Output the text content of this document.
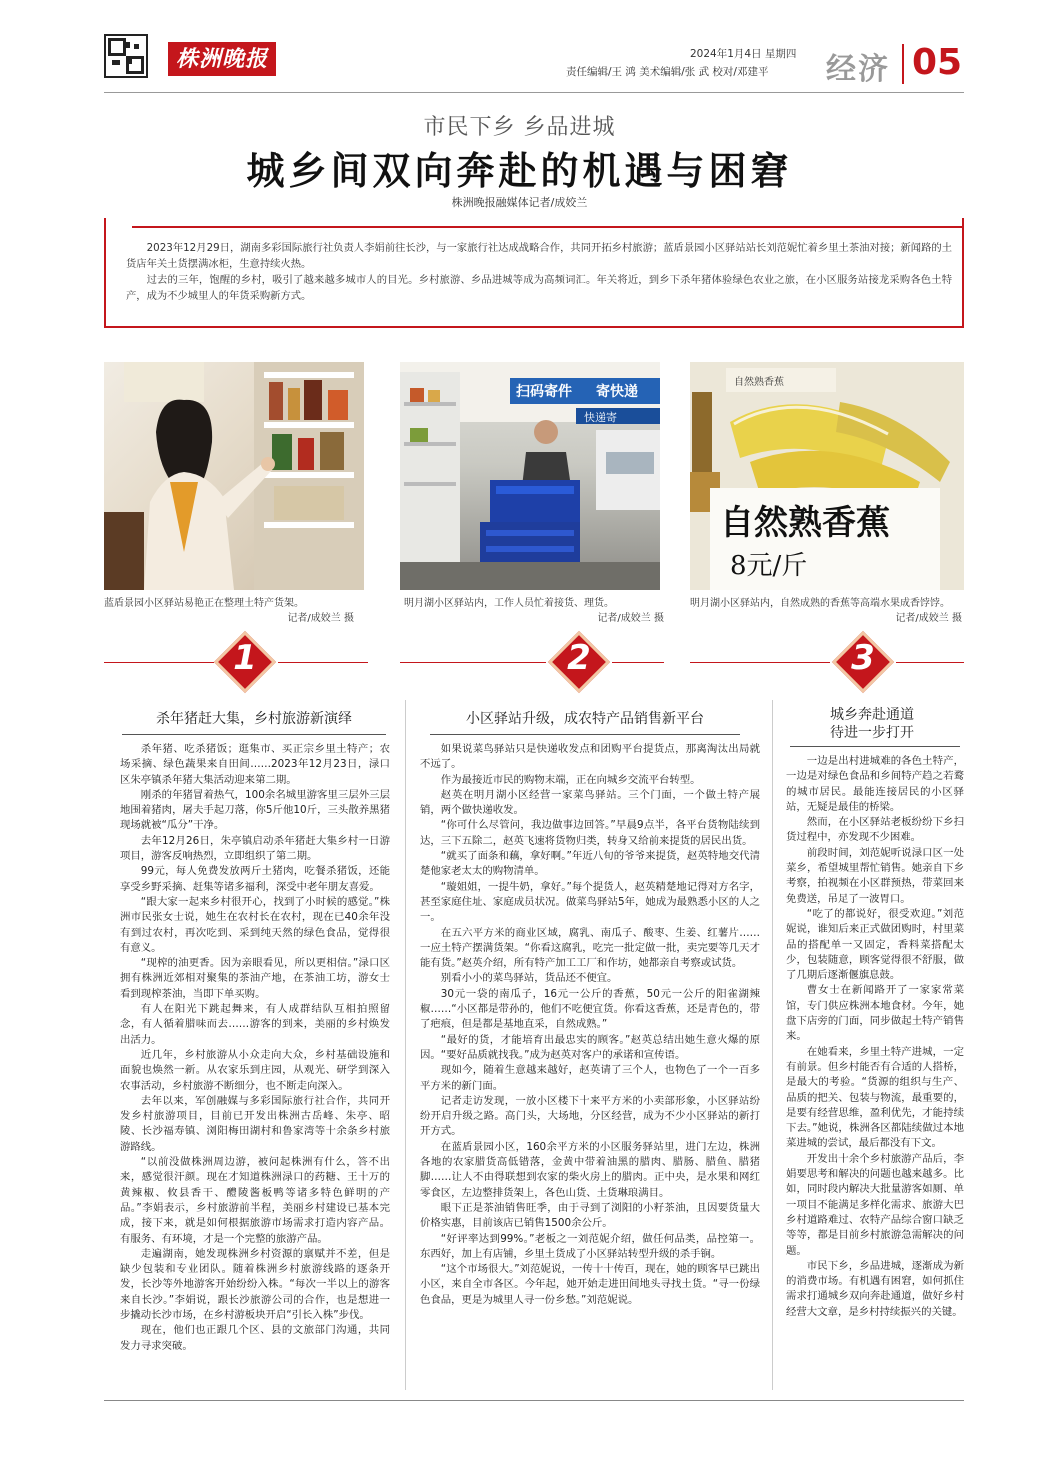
株洲晚报	2024年1月4日 星期四
责任编辑/王 鸿 美术编辑/张 武 校对/邓建平 经济 05
市民下乡 乡品进城
城乡间双向奔赴的机遇与困窘
株洲晚报融媒体记者/成姣兰

2023年12月29日，湖南多彩国际旅行社负责人李娟前往长沙，与一家旅行社达成战略合作，共同开拓乡村旅游；蓝盾景园小区驿站站长刘范妮忙着乡里土茶油对接；新闻路的土货店年关土货摆满冰柜，生意持续火热。

过去的三年，饱醒的乡村，吸引了越来越多城市人的目光。乡村旅游、乡品进城等成为高频词汇。年关将近，到乡下杀年猪体验绿色农业之旅，在小区服务站接龙采购各色土特产，成为不少城里人的年货采购新方式。

扫码寄件 寄快递
快递寄
自然熟香蕉
自然熟香蕉
8元/斤
蓝盾景园小区驿站易艳正在整理土特产货架。
记者/成姣兰 摄
明月湖小区驿站内，工作人员忙着接货、理货。
记者/成姣兰 摄
明月湖小区驿站内，自然成熟的香蕉等高端水果成香饽饽。
记者/成姣兰 摄
1	2	3
杀年猪赶大集，乡村旅游新演绎

杀年猪、吃杀猪饭；逛集市、买正宗乡里土特产；农场采摘、绿色蔬果来自田间……2023年12月23日，渌口区朱亭镇杀年猪大集活动迎来第二期。

刚杀的年猪冒着热气，100余名城里游客里三层外三层地围着猪肉，屠夫手起刀落，你5斤他10斤，三头散养黑猪现场就被“瓜分”干净。

去年12月26日，朱亭镇启动杀年猪赶大集乡村一日游项目，游客反响热烈，立即组织了第二期。

99元，每人免费发放两斤土猪肉，吃餐杀猪饭，还能享受乡野采摘、赶集等诸多福利，深受中老年朋友喜爱。

“跟大家一起来乡村很开心，找到了小时候的感觉。”株洲市民张女士说，她生在农村长在农村，现在已40余年没有到过农村，再次吃到、采到纯天然的绿色食品，觉得很有意义。

“现榨的油更香。因为亲眼看见，所以更相信。”渌口区拥有株洲近郊相对聚集的茶油产地，在茶油工坊，游女士看到现榨茶油，当即下单买购。

有人在阳光下跳起舞来，有人成群结队互相拍照留念，有人循着腊味而去……游客的到来，美丽的乡村焕发出活力。

近几年，乡村旅游从小众走向大众，乡村基础设施和面貌也焕然一新。从农家乐到庄园，从观光、研学到深入农事活动，乡村旅游不断细分，也不断走向深入。

去年以来，军创融媒与多彩国际旅行社合作，共同开发乡村旅游项目，目前已开发出株洲古岳峰、朱亭、昭陵、长沙福寿镇、浏阳梅田湖村和鲁家湾等十余条乡村旅游路线。

“以前没做株洲周边游，被问起株洲有什么，答不出来，感觉很汗颜。现在才知道株洲渌口的药糖、王十万的黄辣椒、攸县香干、醴陵酱板鸭等诸多特色鲜明的产品。”李娟表示，乡村旅游前半程，美丽乡村建设已基本完成，接下来，就是如何根据旅游市场需求打造内容产品。有服务、有环境，才是一个完整的旅游产品。

走遍湖南，她发现株洲乡村资源的禀赋并不差，但是缺少包装和专业团队。随着株洲乡村旅游线路的逐条开发，长沙等外地游客开始纷纷入株。“每次一半以上的游客来自长沙。”李娟说，跟长沙旅游公司的合作，也是想进一步撬动长沙市场，在乡村游板块开启“引长入株”步伐。

现在，他们也正跟几个区、县的文旅部门沟通，共同发力寻求突破。

小区驿站升级，成农特产品销售新平台

如果说菜鸟驿站只是快递收发点和团购平台提货点，那离淘汰出局就不远了。

作为最接近市民的购物末端，正在向城乡交流平台转型。

赵英在明月湖小区经营一家菜鸟驿站。三个门面，一个做土特产展销，两个做快递收发。

“你可什么尽管问，我边做事边回答。”早晨9点半，各平台货物陆续到达，三下五除二，赵英飞速将货物归类，转身又给前来提货的居民出货。

“就买了面条和藕，拿好啊。”年近八旬的爷爷来提货，赵英特地交代清楚他家老太太的购物清单。

“璇姐姐，一提牛奶，拿好。”每个提货人，赵英精楚地记得对方名字，甚至家庭住址、家庭成员状况。做菜鸟驿站5年，她成为最熟悉小区的人之一。

在五六平方米的商业区域，腐乳、南瓜子、酸枣、生姜、红薯片……一应土特产摆满货架。“你看这腐乳，吃完一批定做一批，卖完要等几天才能有货。”赵英介绍，所有特产加工工厂和作坊，她都亲自考察或试货。

别看小小的菜鸟驿站，货品还不便宜。

30元一袋的南瓜子，16元一公斤的香蕉，50元一公斤的阳雀湖辣椒……“小区都是带孙的，他们不吃便宜货。你看这香蕉，还是青色的，带了疤痕，但是都是基地直采，自然成熟。”

“最好的货，才能培育出最忠实的顾客。”赵英总结出她生意火爆的原因。“要好品质就找我。”成为赵英对客户的承诺和宣传语。

现如今，随着生意越来越好，赵英请了三个人，也物色了一个一百多平方米的新门面。

记者走访发现，一放小区楼下十来平方米的小卖部形象，小区驿站纷纷开启升级之路。高门头，大场地，分区经营，成为不少小区驿站的新打开方式。

在蓝盾景园小区，160余平方米的小区服务驿站里，进门左边，株洲各地的农家腊货高低错落，金黄中带着油黑的腊肉、腊肠、腊鱼、腊猪脚……让人不由得联想到农家的柴火房上的腊肉。正中央，是水果和网红零食区，左边整排货架上，各色山货、土货琳琅满目。

眼下正是茶油销售旺季，由于寻到了浏阳的小籽茶油，且因要货量大价格实惠，目前该店已销售1500余公斤。

“好评率达到99%。”老板之一刘范妮介绍，做任何品类，品控第一。东西好，加上有店铺，乡里土货成了小区驿站转型升级的杀手锏。

“这个市场很大。”刘范妮说，一传十十传百，现在，她的顾客早已跳出小区，来自全市各区。今年起，她开始走进田间地头寻找土货。“寻一份绿色食品，更是为城里人寻一份乡愁。”刘范妮说。

城乡奔赴通道
待进一步打开

一边是出村进城难的各色土特产，一边是对绿色食品和乡间特产趋之若鹜的城市居民。最能连接居民的小区驿站，无疑是最佳的桥梁。

然而，在小区驿站老板纷纷下乡扫货过程中，亦发现不少困难。

前段时间，刘范妮听说渌口区一处菜乡，希望城里帮忙销售。她亲自下乡考察，拍视频在小区群预热，带菜回来免费送，吊足了一波胃口。

“吃了的都说好，很受欢迎。”刘范妮说，谁知后来正式做团购时，村里菜品的搭配单一又固定，香料菜搭配太少，包装随意，顾客觉得很不舒服，做了几期后逐渐偃旗息鼓。

曹女士在新闻路开了一家家常菜馆，专门供应株洲本地食材。今年，她盘下店旁的门面，同步做起土特产销售来。

在她看来，乡里土特产进城，一定有前景。但乡村能否有合适的人搭桥，是最大的考验。“货源的组织与生产、品质的把关、包装与物流，最重要的，是要有经营思维，盈利优先，才能持续下去。”她说，株洲各区都陆续做过本地菜进城的尝试，最后都没有下文。

开发出十余个乡村旅游产品后，李娟要思考和解决的问题也越来越多。比如，同时段内解决大批量游客如厕、单一项目不能满足多样化需求、旅游大巴乡村道路难过、农特产品综合窗口缺乏等等，都是目前乡村旅游急需解决的问题。

市民下乡，乡品进城，逐渐成为新的消费市场。有机遇有困窘，如何抓住需求打通城乡双向奔赴通道，做好乡村经营大文章，是乡村持续振兴的关键。
